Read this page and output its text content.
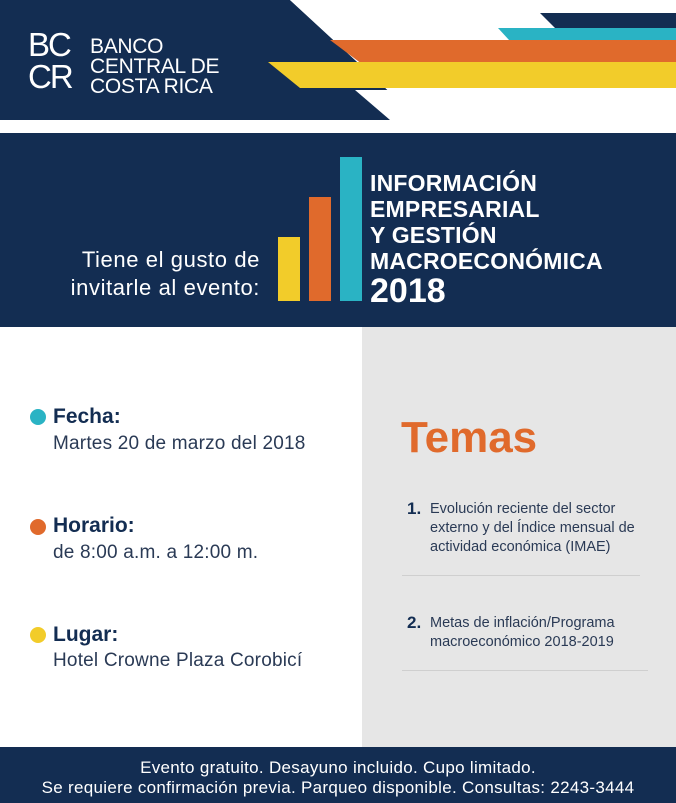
BC
CR
BANCO
CENTRAL DE
COSTA RICA
Tiene el gusto de
invitarle al evento:
INFORMACIÓN
EMPRESARIAL
Y GESTIÓN
MACROECONÓMICA
2018
Fecha:
Martes 20 de marzo del 2018
Horario:
de 8:00 a.m. a 12:00 m.
Lugar:
Hotel Crowne Plaza Corobicí
Temas
1. Evolución reciente del sector
externo y del Índice mensual de
actividad económica (IMAE)
2. Metas de inflación/Programa
macroeconómico 2018-2019
Evento gratuito. Desayuno incluido. Cupo limitado.
Se requiere confirmación previa. Parqueo disponible. Consultas: 2243-3444
